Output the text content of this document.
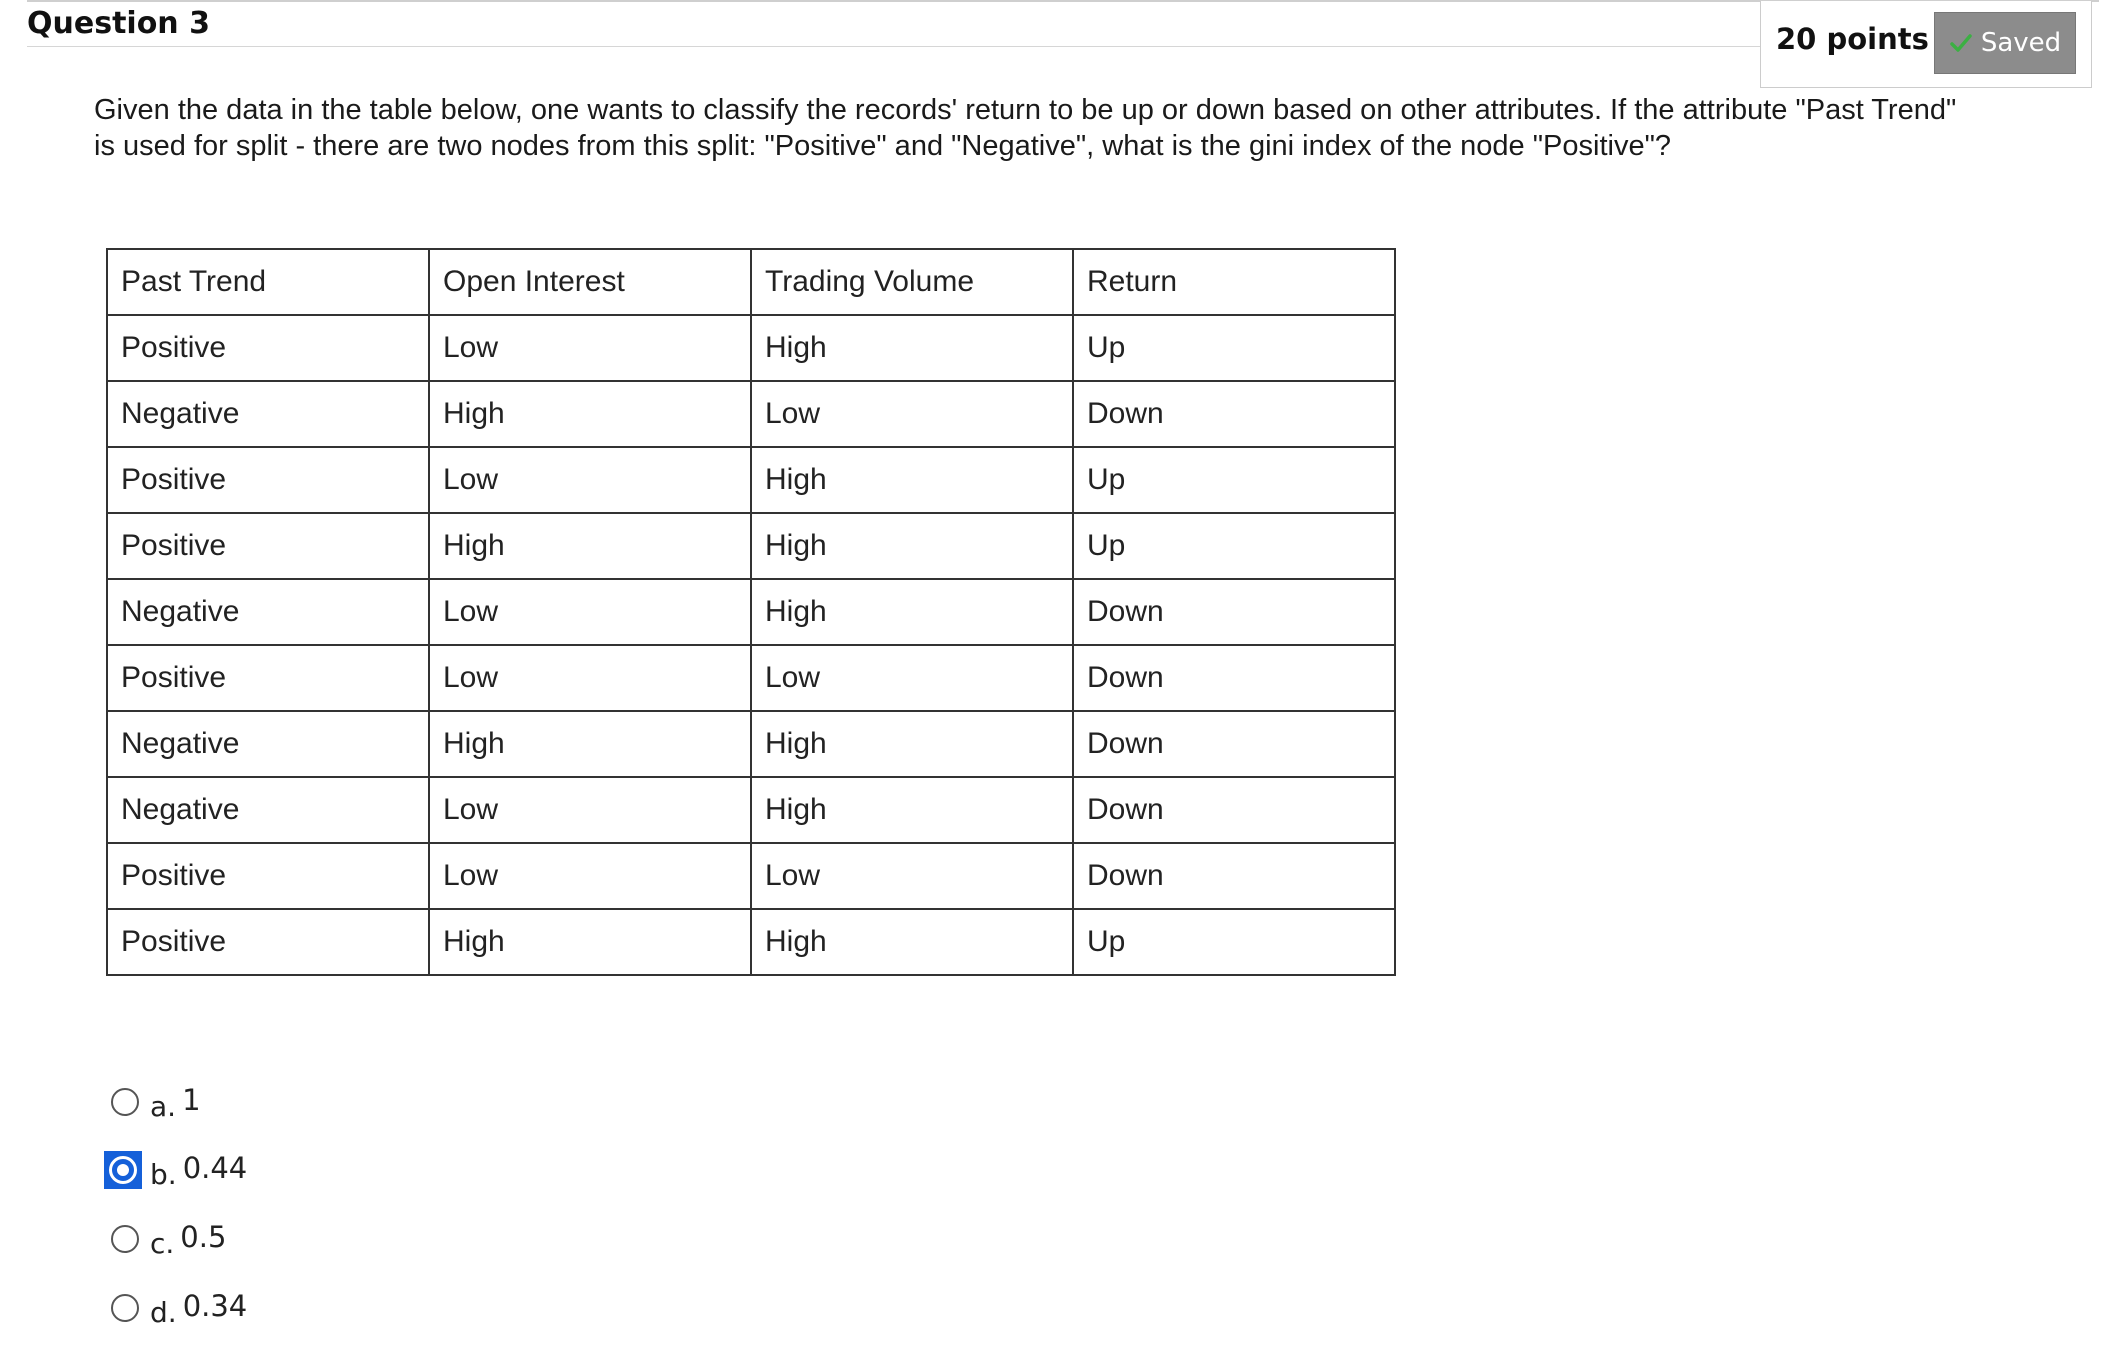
Question 3	20 points Saved

Given the data in the table below, one wants to classify the records' return to be up or down based on other attributes. If the attribute "Past Trend"
is used for split - there are two nodes from this split: "Positive" and "Negative", what is the gini index of the node "Positive"?

Past Trend	Open Interest	Trading Volume	Return
Positive	Low	High	Up
Negative	High	Low	Down
Positive	Low	High	Up
Positive	High	High	Up
Negative	Low	High	Down
Positive	Low	Low	Down
Negative	High	High	Down
Negative	Low	High	Down
Positive	Low	Low	Down
Positive	High	High	Up
a. 1
b. 0.44
c. 0.5
d. 0.34
